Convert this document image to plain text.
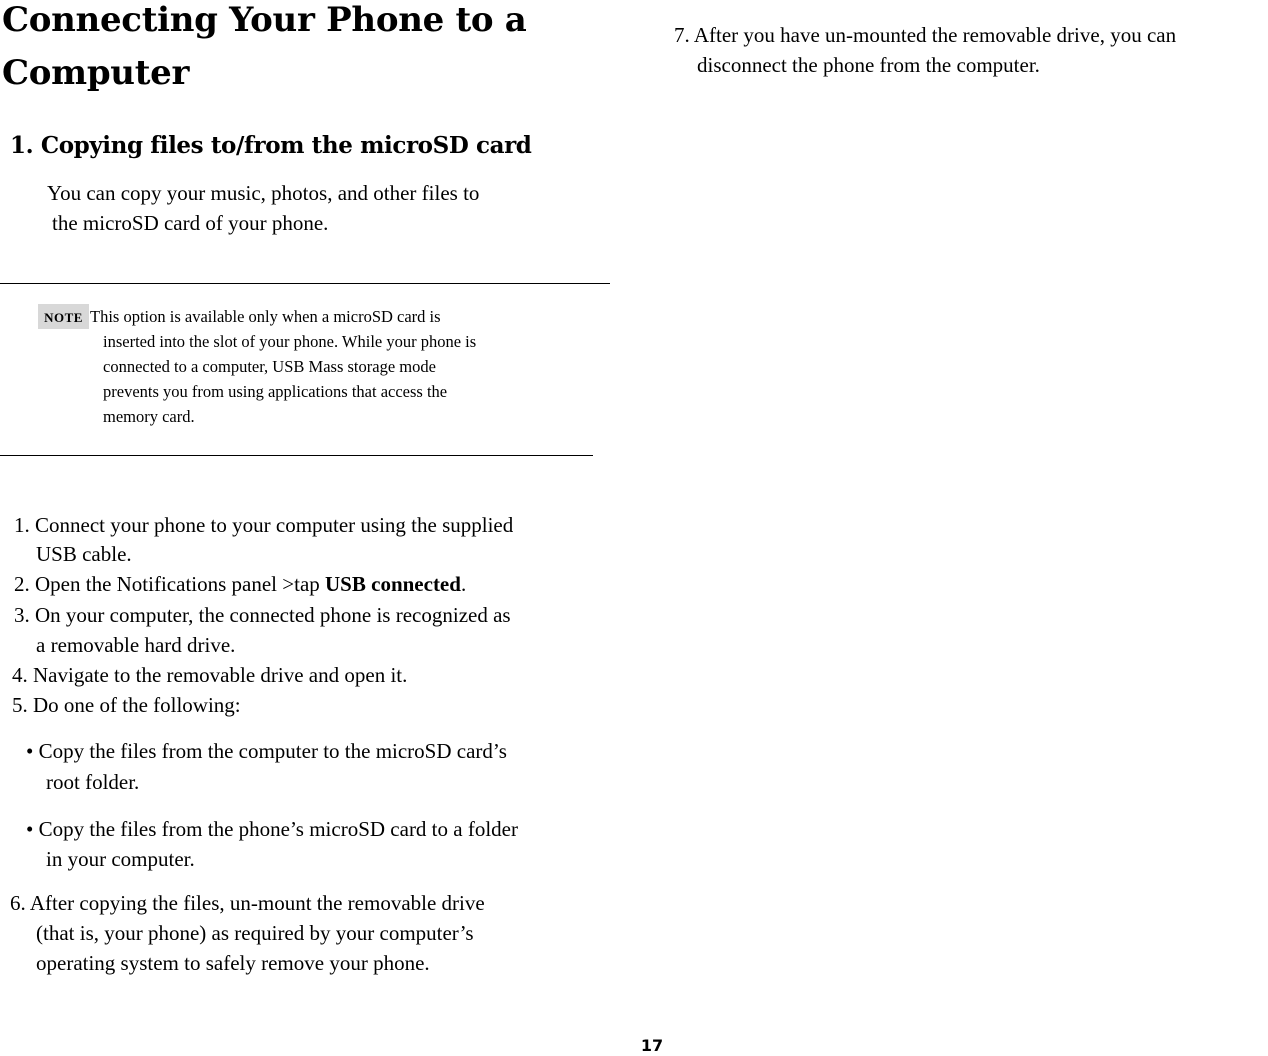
Connecting Your Phone to a
Computer
1. Copying files to/from the microSD card
You can copy your music, photos, and other files to
the microSD card of your phone.
NOTE This option is available only when a microSD card is
inserted into the slot of your phone. While your phone is
connected to a computer, USB Mass storage mode
prevents you from using applications that access the
memory card.
1. Connect your phone to your computer using the supplied
USB cable.
2. Open the Notifications panel >tap USB connected.
3. On your computer, the connected phone is recognized as
a removable hard drive.
4. Navigate to the removable drive and open it.
5. Do one of the following:
• Copy the files from the computer to the microSD card’s
root folder.
• Copy the files from the phone’s microSD card to a folder
in your computer.
6. After copying the files, un-mount the removable drive
(that is, your phone) as required by your computer’s
operating system to safely remove your phone.
7. After you have un-mounted the removable drive, you can
disconnect the phone from the computer.
17
